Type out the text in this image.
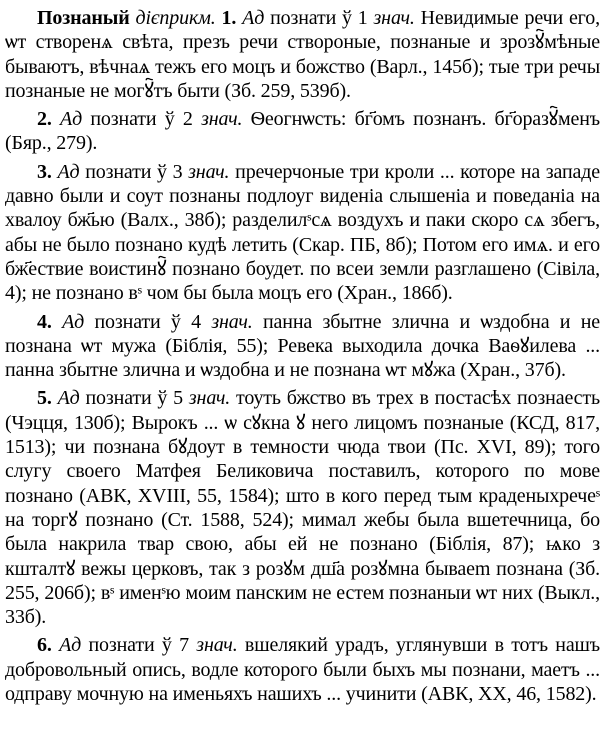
Познаный дієприкм. 1. Ад познати ў 1 знач. Невидимые речи его, ѡт створенѧ свѣта, презъ речи створоные, познаные и зрозꙋ҇мѣные бываютъ, вѣчнаѧ тежъ его моцъ и божство (Варл., 145б); тые три речы познаные не могꙋ҇тъ быти (Зб. 259, 539б).

2. Ад познати ў 2 знач. Ѳеогнѡсть: бг҃омъ познанъ. бг҃оразꙋ҇менъ (Бяр., 279).

3. Ад познати ў 3 знач. пречерчоные три кроли ... которе на западе давно были и соут познаны подлоуг виденіа слышеніа и поведаніа на хвалоу бж҃ью (Валх., 38б); разделилˢсѧ воздухъ и паки скоро сѧ збегъ, абы не было познано кудѣ летить (Скар. ПБ, 8б); Потом его имѧ. и его бж҃ествие воистинꙋ҇ познано боудет. по всеи земли разглашено (Сівіла, 4); не познано вˢ чом бы была моцъ его (Хран., 186б).

4. Ад познати ў 4 знач. панна збытне злична и ѡздобна и не познана ѡт мужа (Біблія, 55); Ревека выходила дочка Ваѳꙋилева ... панна збытне злична и ѡздобна и не познана ѡт мꙋжа (Хран., 37б).

5. Ад познати ў 5 знач. тоуть бжство въ трех в постасѣх познаесть (Чэцця, 130б); Вырокъ ... ѡ сꙋкна ꙋ него лицомъ познаные (КСД, 817, 1513); чи познана бꙋдоут в темности чюда твои (Пс. XVI, 89); того слугу своего Матфея Беликовича поставилъ, которого по мове познано (АВК, XVIII, 55, 1584); што в кого перед тым краденыхречеˢ на торгꙋ познано (Ст. 1588, 524); мимал жебы была вшетечница, бо была накрила твар свою, абы ей не познано (Біблія, 87); ѩко з кшталтꙋ вежы церковъ, так з розꙋм дш҃а розꙋмна бываеm познана (Зб. 255, 206б); вˢ именˢю моим панским не естем познаныи ѡт них (Выкл., 33б).

6. Ад познати ў 7 знач. вшелякий урадъ, углянувши в тотъ нашъ добровольный опись, водле которого были быхъ мы познани, маетъ ... одправу мочную на именьяхъ нашихъ ... учинити (АВК, XX, 46, 1582).
